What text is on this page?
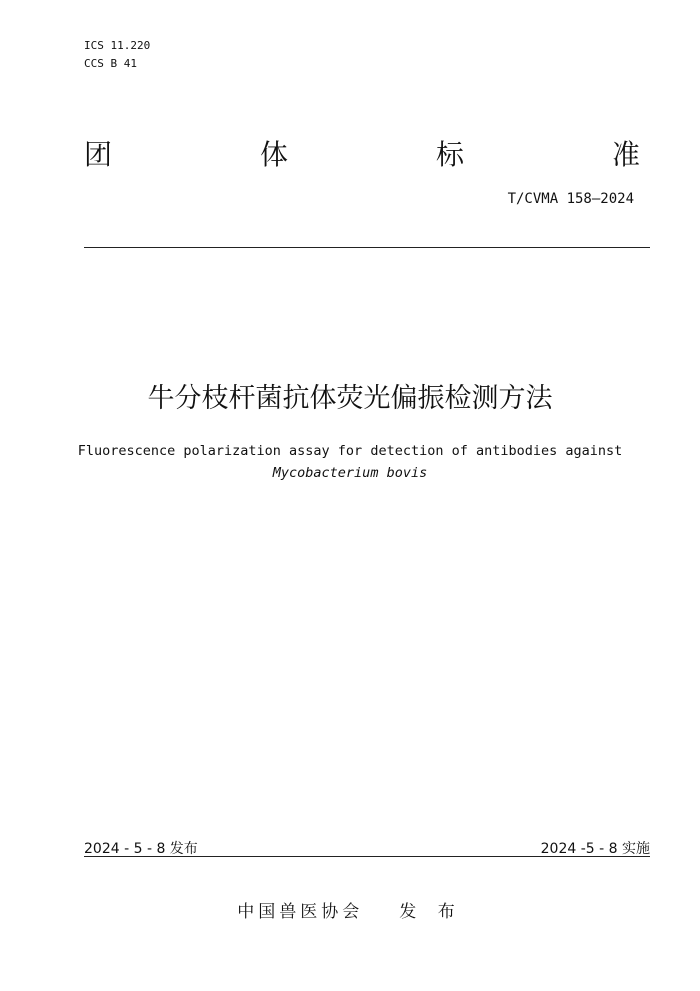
ICS 11.220
CCS B 41
团	体	标	准
T/CVMA 158—2024
牛分枝杆菌抗体荧光偏振检测方法
Fluorescence polarization assay for detection of antibodies against
Mycobacterium bovis
2024 - 5 - 8 发布	2024 -5 - 8 实施
中国兽医协会 发 布
